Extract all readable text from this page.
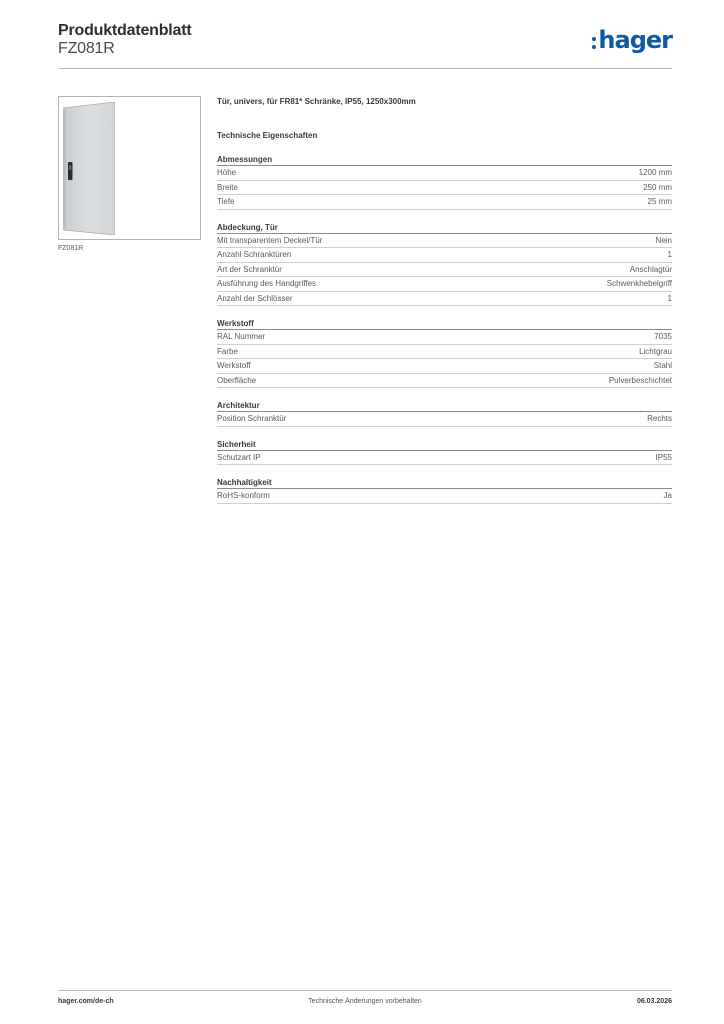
Produktdatenblatt
FZ081R	hager
FZ081R
Tür, univers, für FR81* Schränke, IP55, 1250x300mm
Technische Eigenschaften
Abmessungen
Höhe	1200 mm
Breite	250 mm
Tiefe	25 mm
Abdeckung, Tür
Mit transparentem Deckel/Tür	Nein
Anzahl Schranktüren	1
Art der Schranktür	Anschlagtür
Ausführung des Handgriffes	Schwenkhebelgriff
Anzahl der Schlösser	1
Werkstoff
RAL Nummer	7035
Farbe	Lichtgrau
Werkstoff	Stahl
Oberfläche	Pulverbeschichtet
Architektur
Position Schranktür	Rechts
Sicherheit
Schutzart IP	IP55
Nachhaltigkeit
RoHS-konform	Ja
hager.com/de-ch	Technische Änderungen vorbehalten	06.03.2026
